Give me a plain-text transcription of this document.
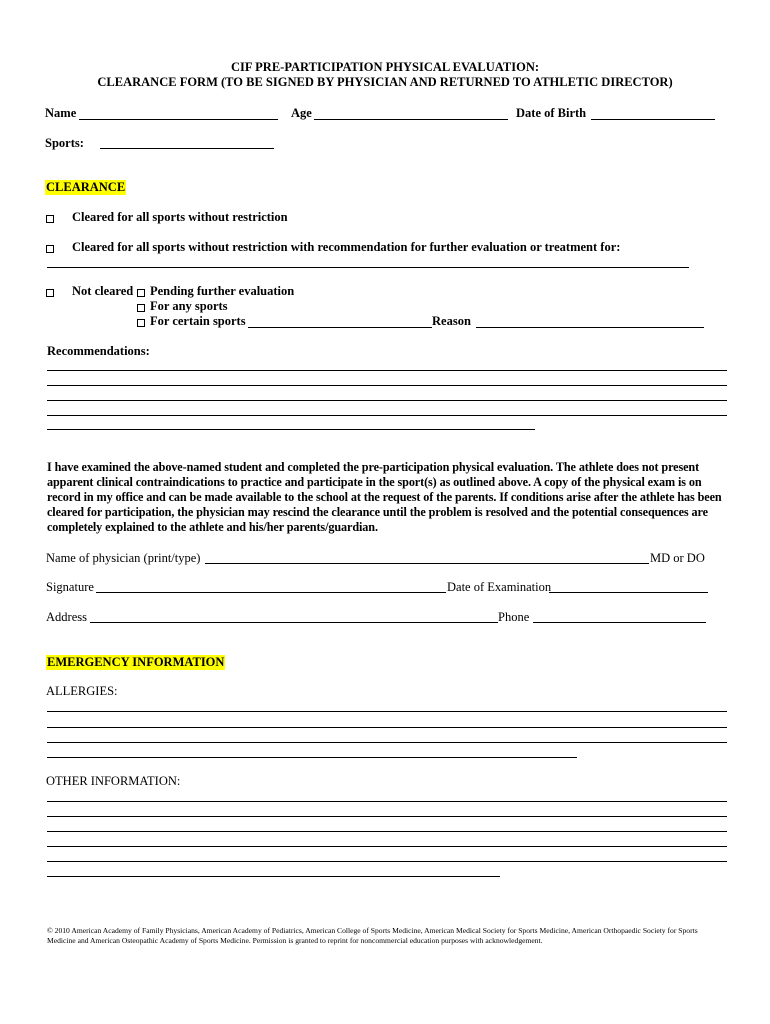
CIF PRE-PARTICIPATION PHYSICAL EVALUATION:
CLEARANCE FORM (TO BE SIGNED BY PHYSICIAN AND RETURNED TO ATHLETIC DIRECTOR)
Name	Age	Date of Birth
Sports:
CLEARANCE
Cleared for all sports without restriction
Cleared for all sports without restriction with recommendation for further evaluation or treatment for:
Not cleared Pending further evaluation
For any sports
For certain sports	Reason
Recommendations:
I have examined the above-named student and completed the pre-participation physical evaluation. The athlete does not present apparent clinical contraindications to practice and participate in the sport(s) as outlined above. A copy of the physical exam is on record in my office and can be made available to the school at the request of the parents. If conditions arise after the athlete has been cleared for participation, the physician may rescind the clearance until the problem is resolved and the potential consequences are completely explained to the athlete and his/her parents/guardian.
Name of physician (print/type)	MD or DO
Signature	Date of Examination
Address	Phone
EMERGENCY INFORMATION
ALLERGIES:
OTHER INFORMATION:
© 2010 American Academy of Family Physicians, American Academy of Pediatrics, American College of Sports Medicine, American Medical Society for Sports Medicine, American Orthopaedic Society for Sports Medicine and American Osteopathic Academy of Sports Medicine. Permission is granted to reprint for noncommercial education purposes with acknowledgement.
